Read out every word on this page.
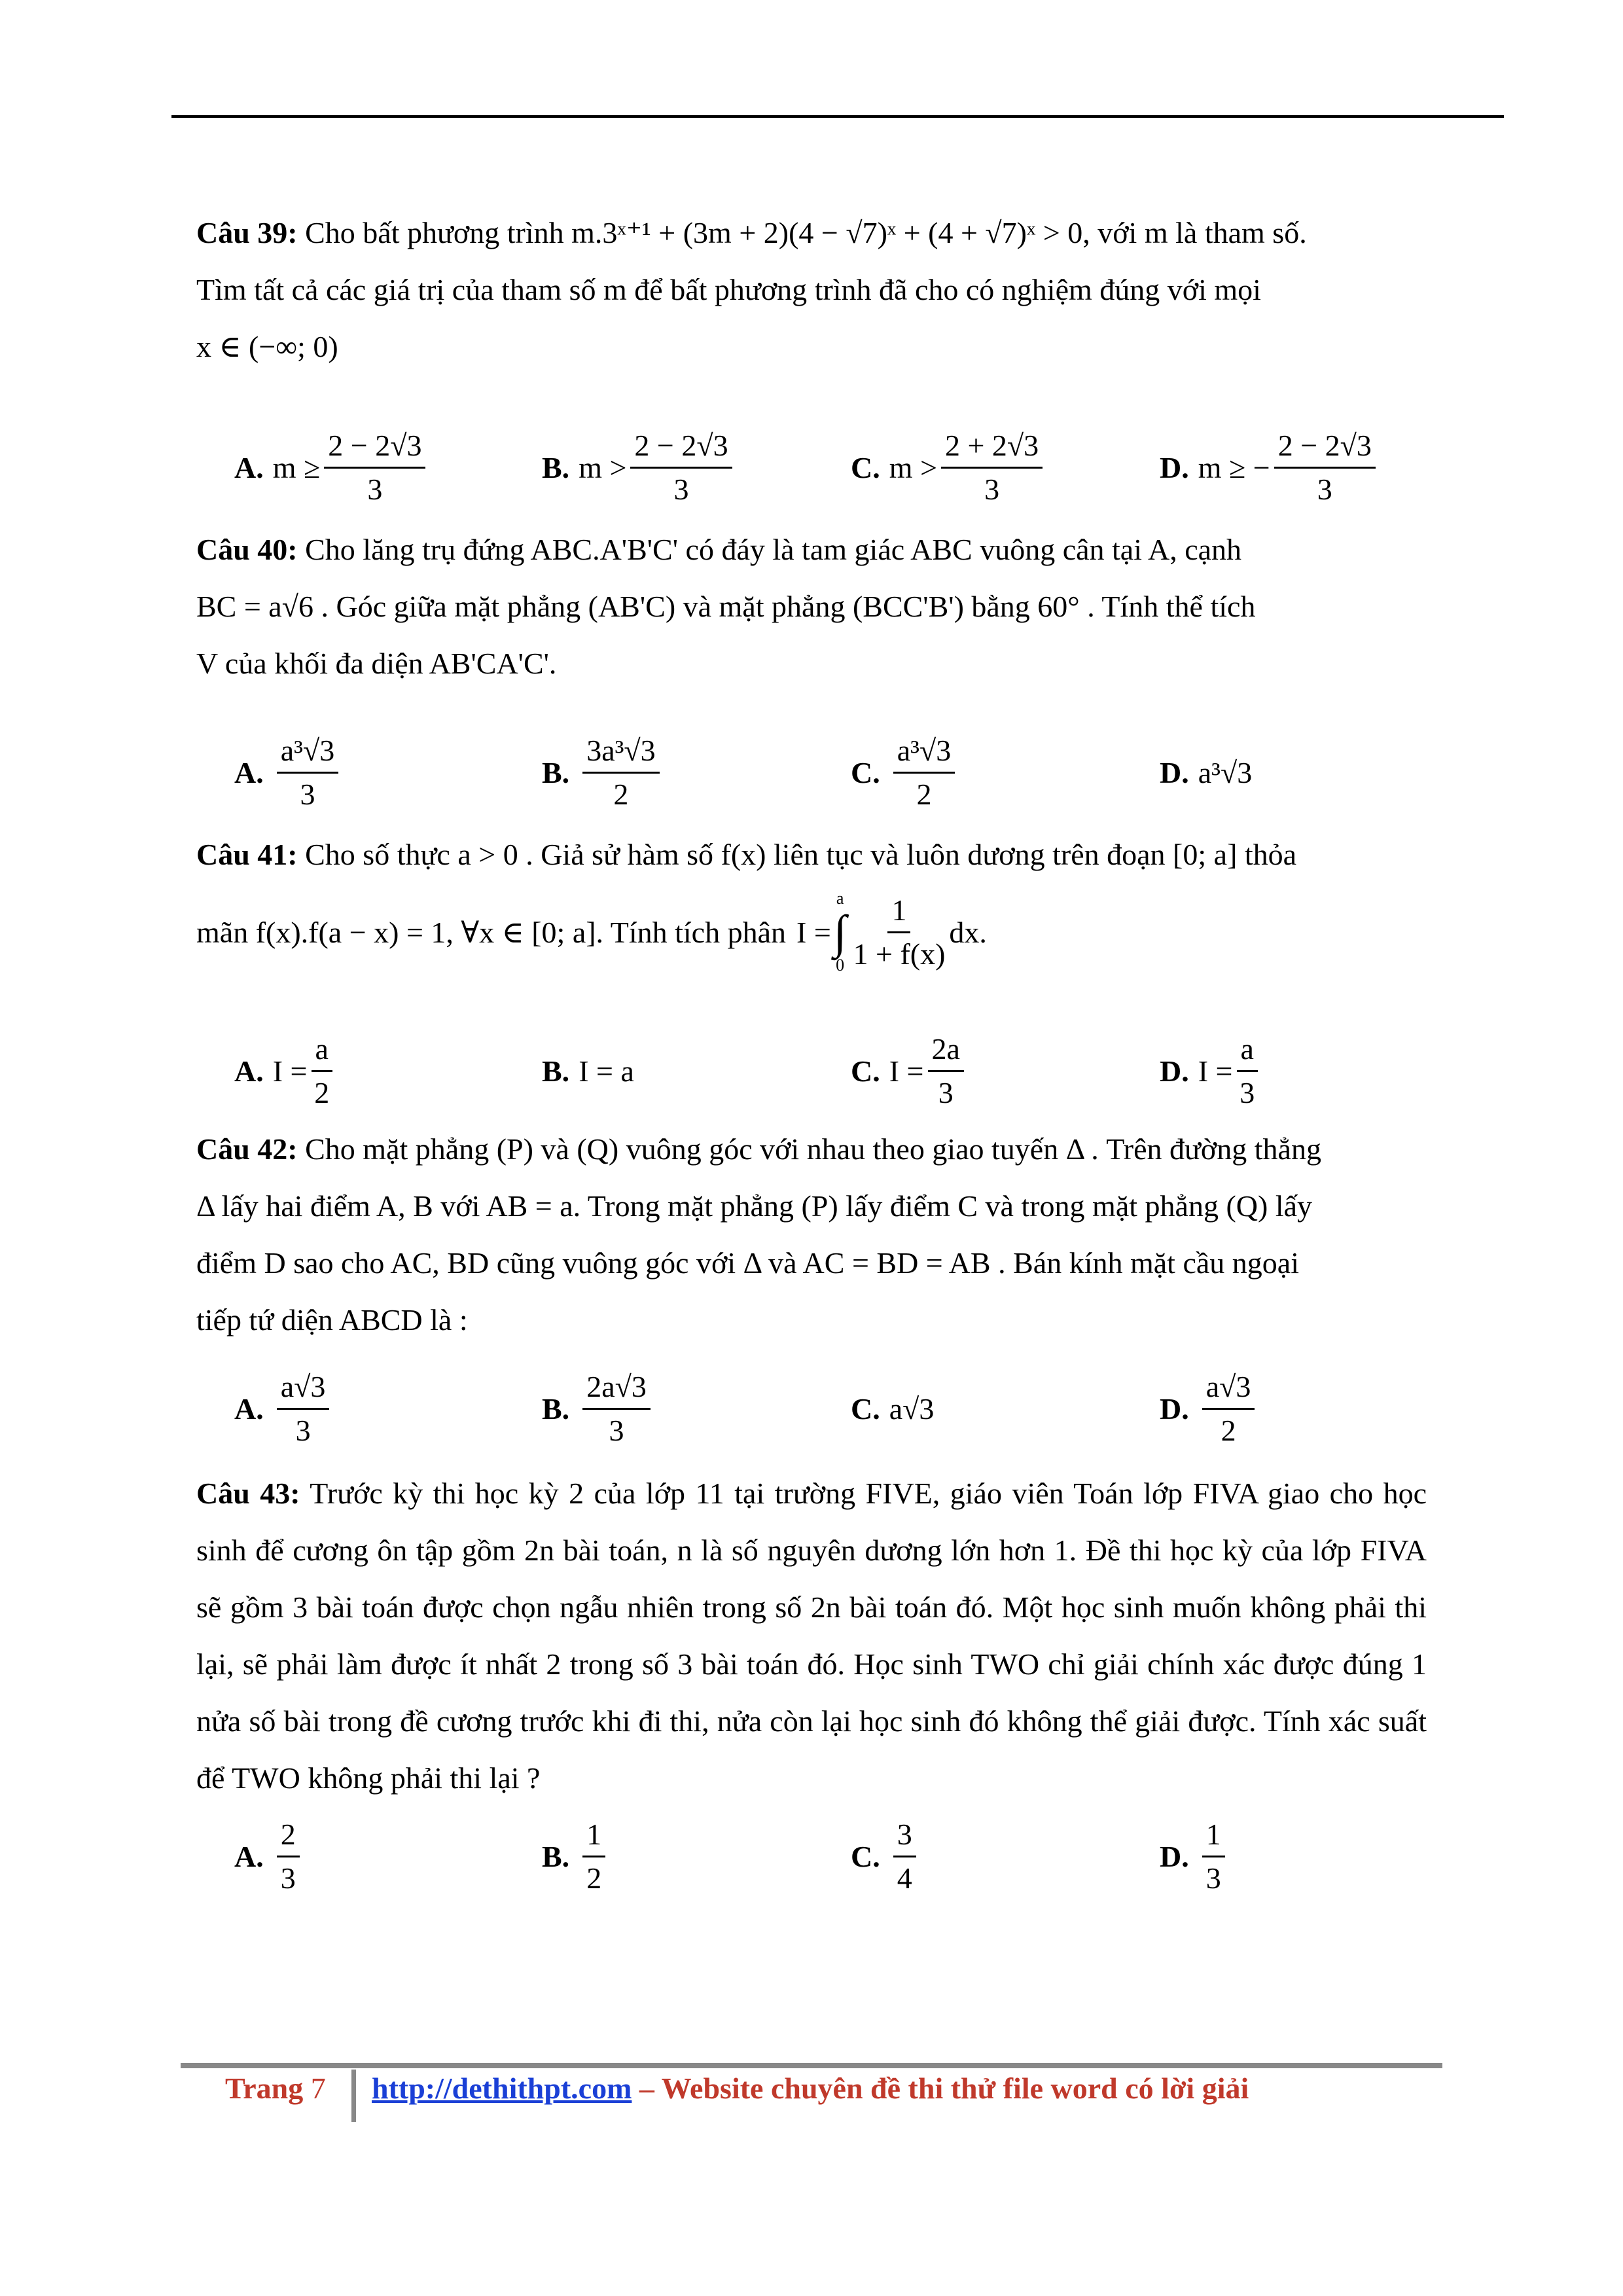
Câu 39: Cho bất phương trình m.3ˣ⁺¹ + (3m + 2)(4 − √7)ˣ + (4 + √7)ˣ > 0, với m là tham số.
Tìm tất cả các giá trị của tham số m để bất phương trình đã cho có nghiệm đúng với mọi
x ∈ (−∞; 0)
A. $m \ge \frac{2 - 2√3}{3}$	B. $m > \frac{2 - 2√3}{3}$	C. $m > \frac{2 + 2√3}{3}$	D. m ≥ − $\frac{2 - 2√3}{3}$
Câu 40: Cho lăng trụ đứng ABC.A'B'C' có đáy là tam giác ABC vuông cân tại A, cạnh
BC = a√6 . Góc giữa mặt phẳng (AB'C) và mặt phẳng (BCC'B') bằng 60° . Tính thể tích
V của khối đa diện AB'CA'C'.
A. $\frac{\text{a³√3}}{3}$	B. $\frac{\text{3a³√3}}{2}$	C. $\frac{\text{a³√3}}{2}$	D. a³√3
Câu 41: Cho số thực a > 0 . Giả sử hàm số f(x) liên tục và luôn dương trên đoạn [0; a] thỏa
mãn f(x).f(a − x) = 1, ∀x ∈ [0; a]. Tính tích phân I =
a
∫
$0 \frac{1}{1 + f(x)}$ dx.
A. $I = \frac{a}{2}$	B. I = a	C. $I = \frac{2a}{3}$	D. $I = \frac{a}{3}$
Câu 42: Cho mặt phẳng (P) và (Q) vuông góc với nhau theo giao tuyến Δ . Trên đường thẳng
Δ lấy hai điểm A, B với AB = a. Trong mặt phẳng (P) lấy điểm C và trong mặt phẳng (Q) lấy
điểm D sao cho AC, BD cũng vuông góc với Δ và AC = BD = AB . Bán kính mặt cầu ngoại
tiếp tứ diện ABCD là :
A. $\frac{a√3}{3}$	B. $\frac{2a√3}{3}$	C. a√3	D. $\frac{a√3}{2}$

Câu 43: Trước kỳ thi học kỳ 2 của lớp 11 tại trường FIVE, giáo viên Toán lớp FIVA giao cho học sinh để cương ôn tập gồm 2n bài toán, n là số nguyên dương lớn hơn 1. Đề thi học kỳ của lớp FIVA sẽ gồm 3 bài toán được chọn ngẫu nhiên trong số 2n bài toán đó. Một học sinh muốn không phải thi lại, sẽ phải làm được ít nhất 2 trong số 3 bài toán đó. Học sinh TWO chỉ giải chính xác được đúng 1 nửa số bài trong đề cương trước khi đi thi, nửa còn lại học sinh đó không thể giải được. Tính xác suất để TWO không phải thi lại ?

A. $\frac{2}{3}$	B. $\frac{1}{2}$	C. $\frac{3}{4}$	D. $\frac{1}{3}$
Trang 7 http://dethithpt.com – Website chuyên đề thi thử file word có lời giải
